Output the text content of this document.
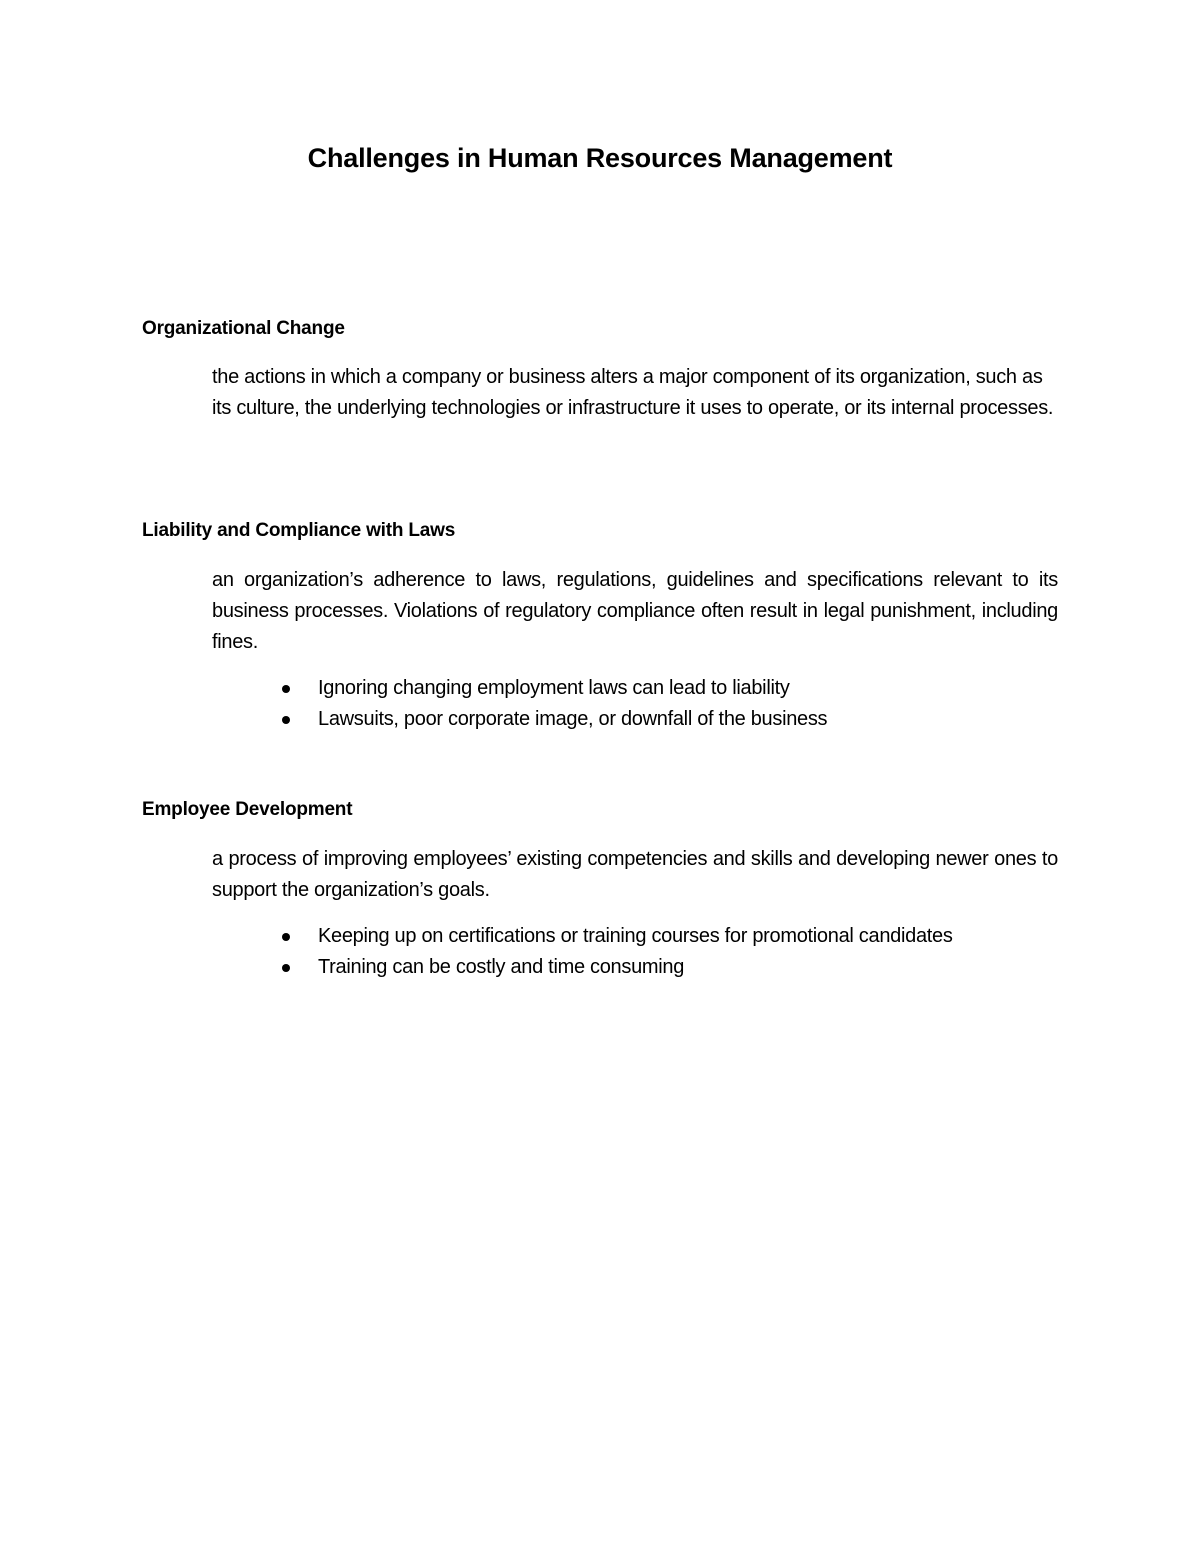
Challenges in Human Resources Management

Organizational Change

the actions in which a company or business alters a major component of its organization, such as its culture, the underlying technologies or infrastructure it uses to operate, or its internal processes.

Liability and Compliance with Laws

an organization’s adherence to laws, regulations, guidelines and specifications relevant to its business processes. Violations of regulatory compliance often result in legal punishment, including fines.

Ignoring changing employment laws can lead to liability
Lawsuits, poor corporate image, or downfall of the business

Employee Development

a process of improving employees’ existing competencies and skills and developing newer ones to support the organization’s goals.

Keeping up on certifications or training courses for promotional candidates
Training can be costly and time consuming
